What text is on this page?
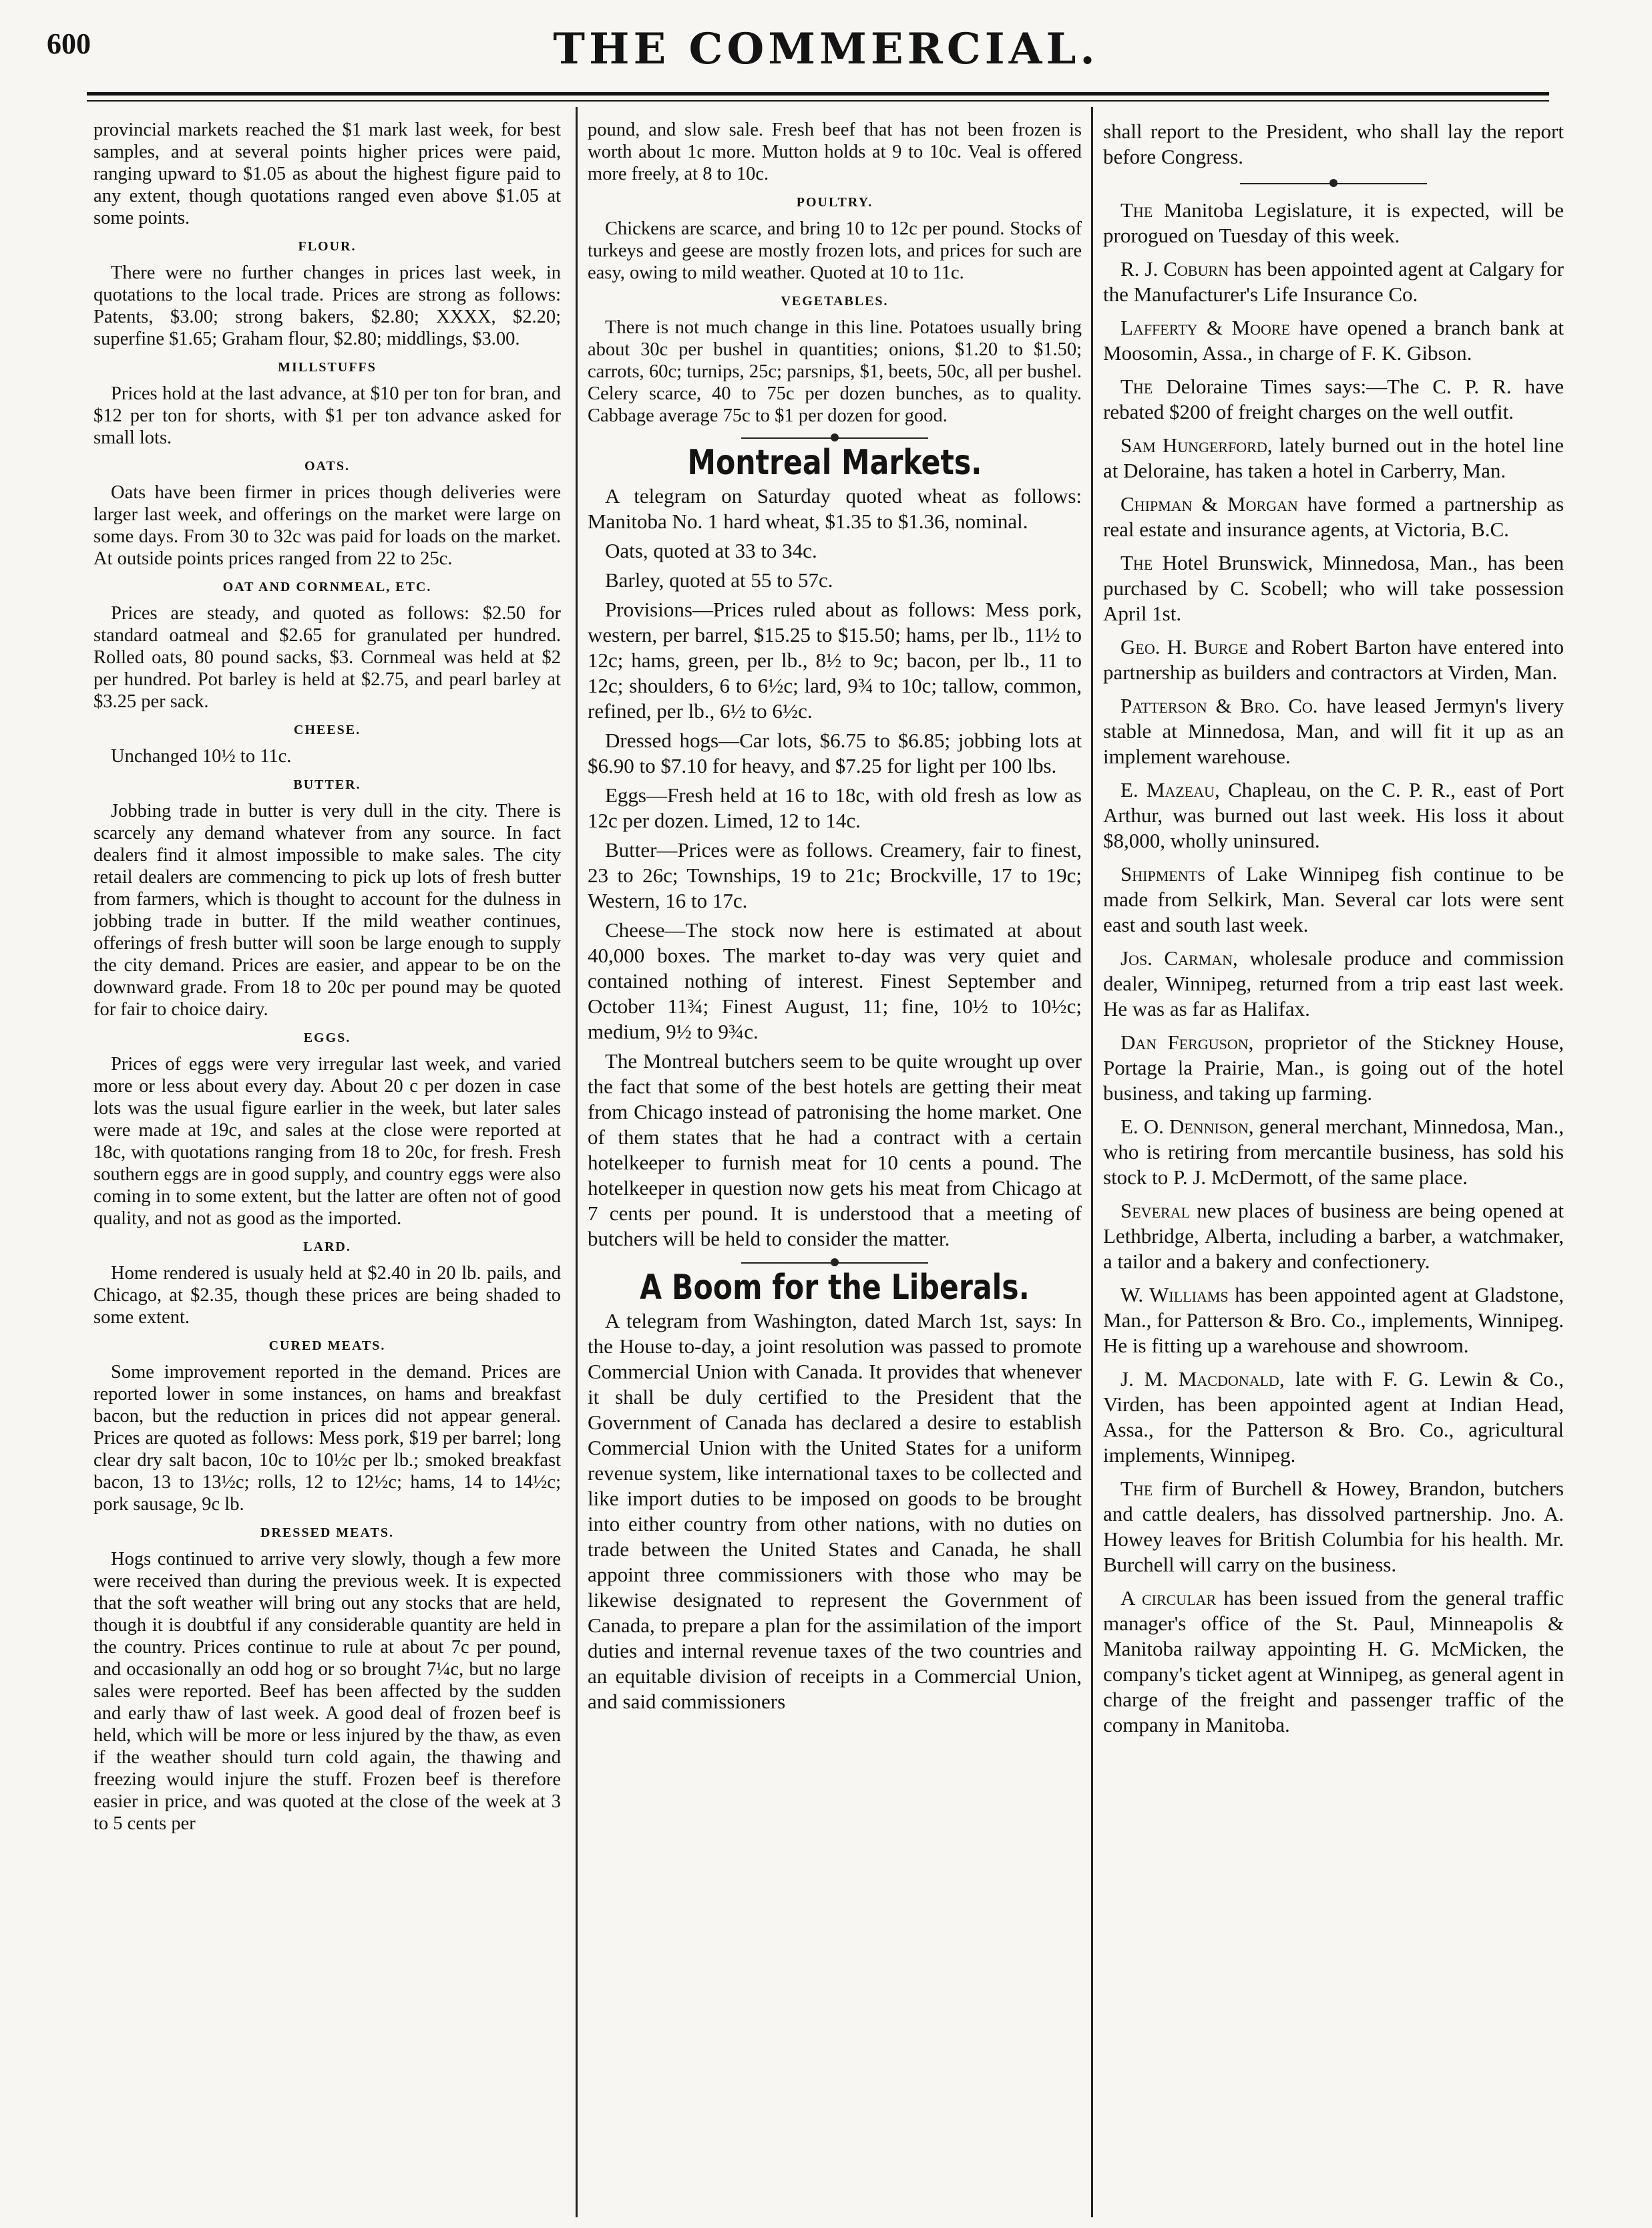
600	THE COMMERCIAL.

provincial markets reached the $1 mark last week, for best samples, and at several points higher prices were paid, ranging upward to $1.05 as about the highest figure paid to any extent, though quotations ranged even above $1.05 at some points.

FLOUR.

There were no further changes in prices last week, in quotations to the local trade. Prices are strong as follows: Patents, $3.00; strong bakers, $2.80; XXXX, $2.20; superfine $1.65; Graham flour, $2.80; middlings, $3.00.

MILLSTUFFS

Prices hold at the last advance, at $10 per ton for bran, and $12 per ton for shorts, with $1 per ton advance asked for small lots.

OATS.

Oats have been firmer in prices though deliveries were larger last week, and offerings on the market were large on some days. From 30 to 32c was paid for loads on the market. At outside points prices ranged from 22 to 25c.

OAT AND CORNMEAL, ETC.

Prices are steady, and quoted as follows: $2.50 for standard oatmeal and $2.65 for granulated per hundred. Rolled oats, 80 pound sacks, $3. Cornmeal was held at $2 per hundred. Pot barley is held at $2.75, and pearl barley at $3.25 per sack.

CHEESE.

Unchanged 10½ to 11c.

BUTTER.

Jobbing trade in butter is very dull in the city. There is scarcely any demand whatever from any source. In fact dealers find it almost impossible to make sales. The city retail dealers are commencing to pick up lots of fresh butter from farmers, which is thought to account for the dulness in jobbing trade in butter. If the mild weather continues, offerings of fresh butter will soon be large enough to supply the city demand. Prices are easier, and appear to be on the downward grade. From 18 to 20c per pound may be quoted for fair to choice dairy.

EGGS.

Prices of eggs were very irregular last week, and varied more or less about every day. About 20 c per dozen in case lots was the usual figure earlier in the week, but later sales were made at 19c, and sales at the close were reported at 18c, with quotations ranging from 18 to 20c, for fresh. Fresh southern eggs are in good supply, and country eggs were also coming in to some extent, but the latter are often not of good quality, and not as good as the imported.

LARD.

Home rendered is usualy held at $2.40 in 20 lb. pails, and Chicago, at $2.35, though these prices are being shaded to some extent.

CURED MEATS.

Some improvement reported in the demand. Prices are reported lower in some instances, on hams and breakfast bacon, but the reduction in prices did not appear general. Prices are quoted as follows: Mess pork, $19 per barrel; long clear dry salt bacon, 10c to 10½c per lb.; smoked breakfast bacon, 13 to 13½c; rolls, 12 to 12½c; hams, 14 to 14½c; pork sausage, 9c lb.

DRESSED MEATS.

Hogs continued to arrive very slowly, though a few more were received than during the previous week. It is expected that the soft weather will bring out any stocks that are held, though it is doubtful if any considerable quantity are held in the country. Prices continue to rule at about 7c per pound, and occasionally an odd hog or so brought 7¼c, but no large sales were reported. Beef has been affected by the sudden and early thaw of last week. A good deal of frozen beef is held, which will be more or less injured by the thaw, as even if the weather should turn cold again, the thawing and freezing would injure the stuff. Frozen beef is therefore easier in price, and was quoted at the close of the week at 3 to 5 cents per

pound, and slow sale. Fresh beef that has not been frozen is worth about 1c more. Mutton holds at 9 to 10c. Veal is offered more freely, at 8 to 10c.

POULTRY.

Chickens are scarce, and bring 10 to 12c per pound. Stocks of turkeys and geese are mostly frozen lots, and prices for such are easy, owing to mild weather. Quoted at 10 to 11c.

VEGETABLES.

There is not much change in this line. Potatoes usually bring about 30c per bushel in quantities; onions, $1.20 to $1.50; carrots, 60c; turnips, 25c; parsnips, $1, beets, 50c, all per bushel. Celery scarce, 40 to 75c per dozen bunches, as to quality. Cabbage average 75c to $1 per dozen for good.

Montreal Markets.

A telegram on Saturday quoted wheat as follows: Manitoba No. 1 hard wheat, $1.35 to $1.36, nominal.

Oats, quoted at 33 to 34c.

Barley, quoted at 55 to 57c.

Provisions—Prices ruled about as follows: Mess pork, western, per barrel, $15.25 to $15.50; hams, per lb., 11½ to 12c; hams, green, per lb., 8½ to 9c; bacon, per lb., 11 to 12c; shoulders, 6 to 6½c; lard, 9¾ to 10c; tallow, common, refined, per lb., 6½ to 6½c.

Dressed hogs—Car lots, $6.75 to $6.85; jobbing lots at $6.90 to $7.10 for heavy, and $7.25 for light per 100 lbs.

Eggs—Fresh held at 16 to 18c, with old fresh as low as 12c per dozen. Limed, 12 to 14c.

Butter—Prices were as follows. Creamery, fair to finest, 23 to 26c; Townships, 19 to 21c; Brockville, 17 to 19c; Western, 16 to 17c.

Cheese—The stock now here is estimated at about 40,000 boxes. The market to-day was very quiet and contained nothing of interest. Finest September and October 11¾; Finest August, 11; fine, 10½ to 10½c; medium, 9½ to 9¾c.

The Montreal butchers seem to be quite wrought up over the fact that some of the best hotels are getting their meat from Chicago instead of patronising the home market. One of them states that he had a contract with a certain hotelkeeper to furnish meat for 10 cents a pound. The hotelkeeper in question now gets his meat from Chicago at 7 cents per pound. It is understood that a meeting of butchers will be held to consider the matter.

A Boom for the Liberals.

A telegram from Washington, dated March 1st, says: In the House to-day, a joint resolution was passed to promote Commercial Union with Canada. It provides that whenever it shall be duly certified to the President that the Government of Canada has declared a desire to establish Commercial Union with the United States for a uniform revenue system, like international taxes to be collected and like import duties to be imposed on goods to be brought into either country from other nations, with no duties on trade between the United States and Canada, he shall appoint three commissioners with those who may be likewise designated to represent the Government of Canada, to prepare a plan for the assimilation of the import duties and internal revenue taxes of the two countries and an equitable division of receipts in a Commercial Union, and said commissioners

shall report to the President, who shall lay the report before Congress.

The Manitoba Legislature, it is expected, will be prorogued on Tuesday of this week.

R. J. Coburn has been appointed agent at Calgary for the Manufacturer's Life Insurance Co.

Lafferty & Moore have opened a branch bank at Moosomin, Assa., in charge of F. K. Gibson.

The Deloraine Times says:—The C. P. R. have rebated $200 of freight charges on the well outfit.

Sam Hungerford, lately burned out in the hotel line at Deloraine, has taken a hotel in Carberry, Man.

Chipman & Morgan have formed a partnership as real estate and insurance agents, at Victoria, B.C.

The Hotel Brunswick, Minnedosa, Man., has been purchased by C. Scobell; who will take possession April 1st.

Geo. H. Burge and Robert Barton have entered into partnership as builders and contractors at Virden, Man.

Patterson & Bro. Co. have leased Jermyn's livery stable at Minnedosa, Man, and will fit it up as an implement warehouse.

E. Mazeau, Chapleau, on the C. P. R., east of Port Arthur, was burned out last week. His loss it about $8,000, wholly uninsured.

Shipments of Lake Winnipeg fish continue to be made from Selkirk, Man. Several car lots were sent east and south last week.

Jos. Carman, wholesale produce and commission dealer, Winnipeg, returned from a trip east last week. He was as far as Halifax.

Dan Ferguson, proprietor of the Stickney House, Portage la Prairie, Man., is going out of the hotel business, and taking up farming.

E. O. Dennison, general merchant, Minnedosa, Man., who is retiring from mercantile business, has sold his stock to P. J. McDermott, of the same place.

Several new places of business are being opened at Lethbridge, Alberta, including a barber, a watchmaker, a tailor and a bakery and confectionery.

W. Williams has been appointed agent at Gladstone, Man., for Patterson & Bro. Co., implements, Winnipeg. He is fitting up a warehouse and showroom.

J. M. Macdonald, late with F. G. Lewin & Co., Virden, has been appointed agent at Indian Head, Assa., for the Patterson & Bro. Co., agricultural implements, Winnipeg.

The firm of Burchell & Howey, Brandon, butchers and cattle dealers, has dissolved partnership. Jno. A. Howey leaves for British Columbia for his health. Mr. Burchell will carry on the business.

A circular has been issued from the general traffic manager's office of the St. Paul, Minneapolis & Manitoba railway appointing H. G. McMicken, the company's ticket agent at Winnipeg, as general agent in charge of the freight and passenger traffic of the company in Manitoba.
